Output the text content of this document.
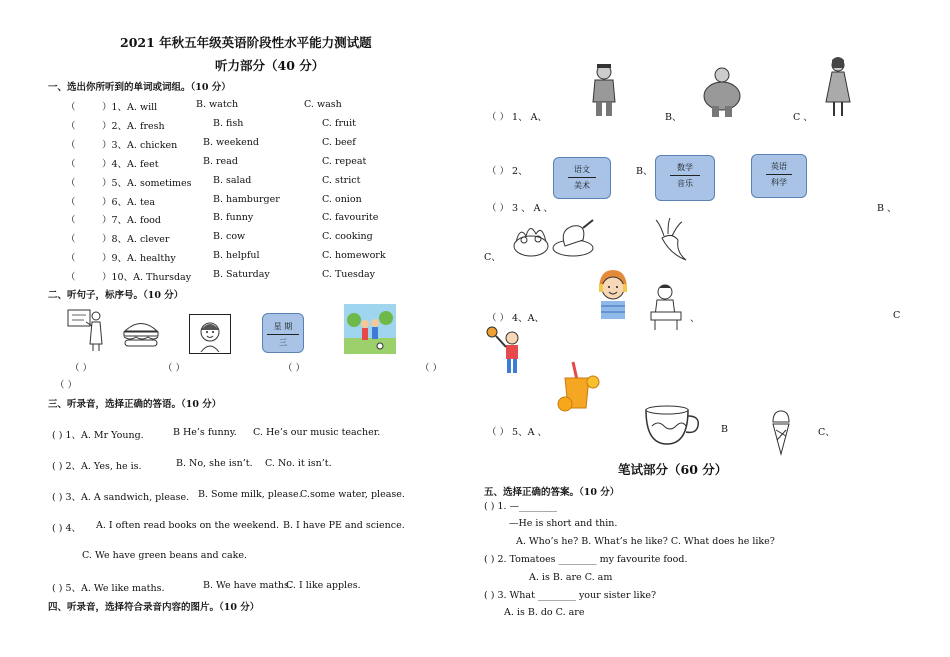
2021 年秋五年级英语阶段性水平能力测试题
听力部分（40 分）
一、选出你所听到的单词或词组。（10 分）
（	）1、A. will	B. watch	C. wash
（	）2、A. fresh	B. fish	C. fruit
（	）3、A. chicken	B. weekend	C. beef
（	）4、A. feet	B. read	C. repeat
（	）5、A. sometimes B. salad	C. strict
（	）6、A. tea	B. hamburger	C. onion
（	）7、A. food	B. funny	C. favourite
（	）8、A. clever	B. cow	C. cooking
（	）9、A. healthy	B. helpful	C. homework
（	）10、A. Thursday B. Saturday	C. Tuesday
二、听句子，标序号。（10 分）
星 期
三
（ ）	（ ）	（ ）	（ ）
（ ）
三、听录音，选择正确的答语。（10 分）
( ) 1、A. Mr Young.	B He’s funny. C. He’s our music teacher.
( ) 2、A. Yes, he is.	B. No, she isn’t. C. No. it isn’t.
( ) 3、A. A sandwich, please. B. Some milk, please.
C.some water, please.
( ) 4、 A. I often read books on the weekend. B. I have PE and science.
C. We have green beans and cake.
( ) 5、A. We like maths.	B. We have maths.
C. I like apples.
四、听录音，选择符合录音内容的图片。（10 分）
（ ） 1、 A、	B、	C 、
（ ） 2、	语文
美术
B、	数学
音乐
英语
科学
（ ） 3 、 A 、	B 、
C、
（ ） 4、A、	、	C
（ ） 5、A 、	B	C、
笔试部分（60 分）
五、选择正确的答案。（10 分）
( ) 1. —________
—He is short and thin.
A. Who’s he? B. What’s he like? C. What does he like?
( ) 2. Tomatoes ________ my favourite food.
A. is B. are C. am
( ) 3. What ________ your sister like?
A. is B. do C. are
